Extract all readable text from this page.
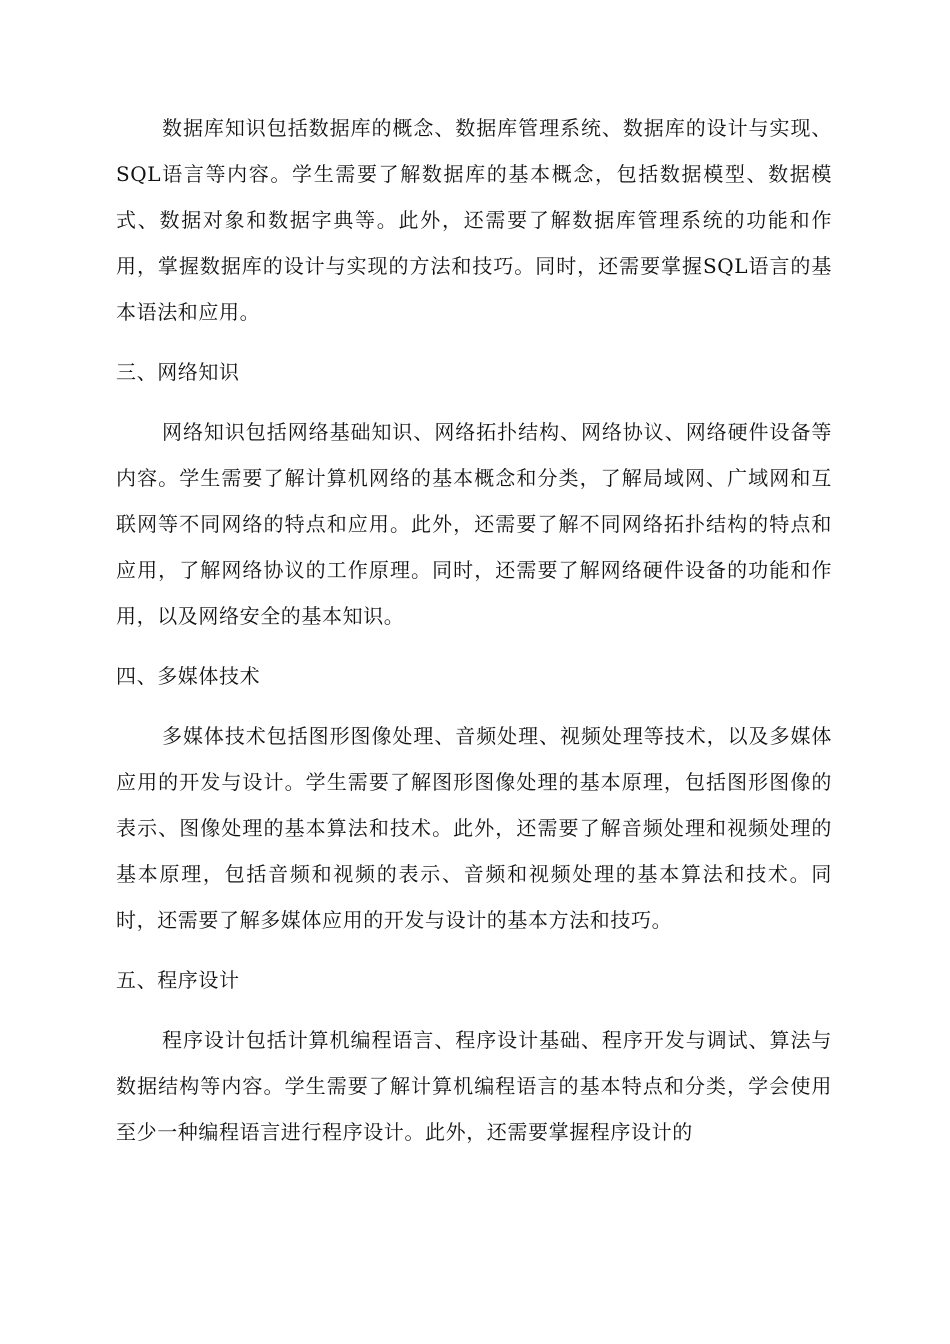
数据库知识包括数据库的概念、数据库管理系统、数据库的设计与实现、SQL语言等内容。学生需要了解数据库的基本概念，包括数据模型、数据模式、数据对象和数据字典等。此外，还需要了解数据库管理系统的功能和作用，掌握数据库的设计与实现的方法和技巧。同时，还需要掌握SQL语言的基本语法和应用。

三、网络知识

网络知识包括网络基础知识、网络拓扑结构、网络协议、网络硬件设备等内容。学生需要了解计算机网络的基本概念和分类，了解局域网、广域网和互联网等不同网络的特点和应用。此外，还需要了解不同网络拓扑结构的特点和应用，了解网络协议的工作原理。同时，还需要了解网络硬件设备的功能和作用，以及网络安全的基本知识。

四、多媒体技术

多媒体技术包括图形图像处理、音频处理、视频处理等技术，以及多媒体应用的开发与设计。学生需要了解图形图像处理的基本原理，包括图形图像的表示、图像处理的基本算法和技术。此外，还需要了解音频处理和视频处理的基本原理，包括音频和视频的表示、音频和视频处理的基本算法和技术。同时，还需要了解多媒体应用的开发与设计的基本方法和技巧。

五、程序设计

程序设计包括计算机编程语言、程序设计基础、程序开发与调试、算法与数据结构等内容。学生需要了解计算机编程语言的基本特点和分类，学会使用至少一种编程语言进行程序设计。此外，还需要掌握程序设计的
